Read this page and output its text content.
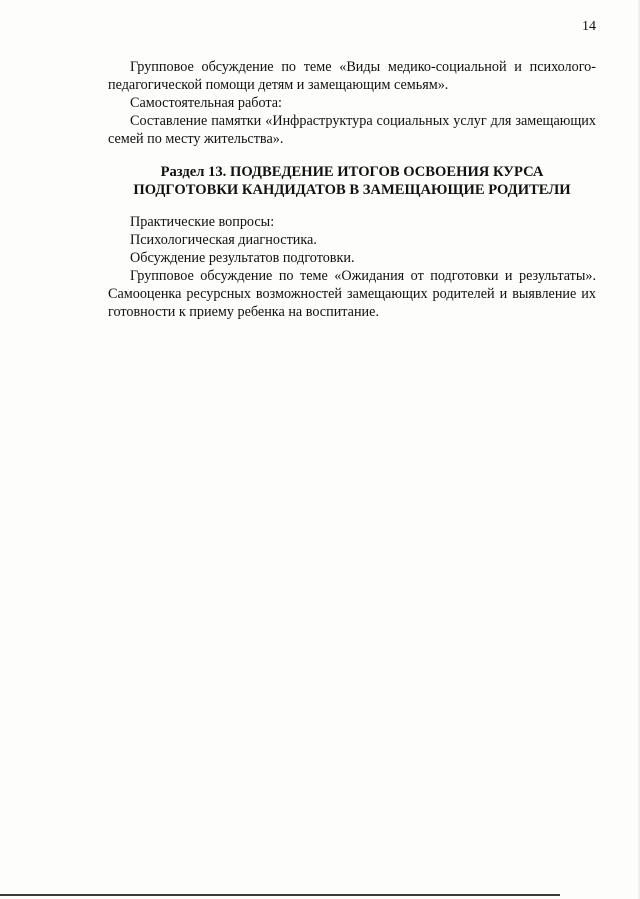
14

Групповое обсуждение по теме «Виды медико-социальной и психолого-педагогической помощи детям и замещающим семьям».

Самостоятельная работа:

Составление памятки «Инфраструктура социальных услуг для замещающих семей по месту жительства».

Раздел 13. ПОДВЕДЕНИЕ ИТОГОВ ОСВОЕНИЯ КУРСА
ПОДГОТОВКИ КАНДИДАТОВ В ЗАМЕЩАЮЩИЕ РОДИТЕЛИ

Практические вопросы:

Психологическая диагностика.

Обсуждение результатов подготовки.

Групповое обсуждение по теме «Ожидания от подготовки и результаты». Самооценка ресурсных возможностей замещающих родителей и выявление их готовности к приему ребенка на воспитание.
